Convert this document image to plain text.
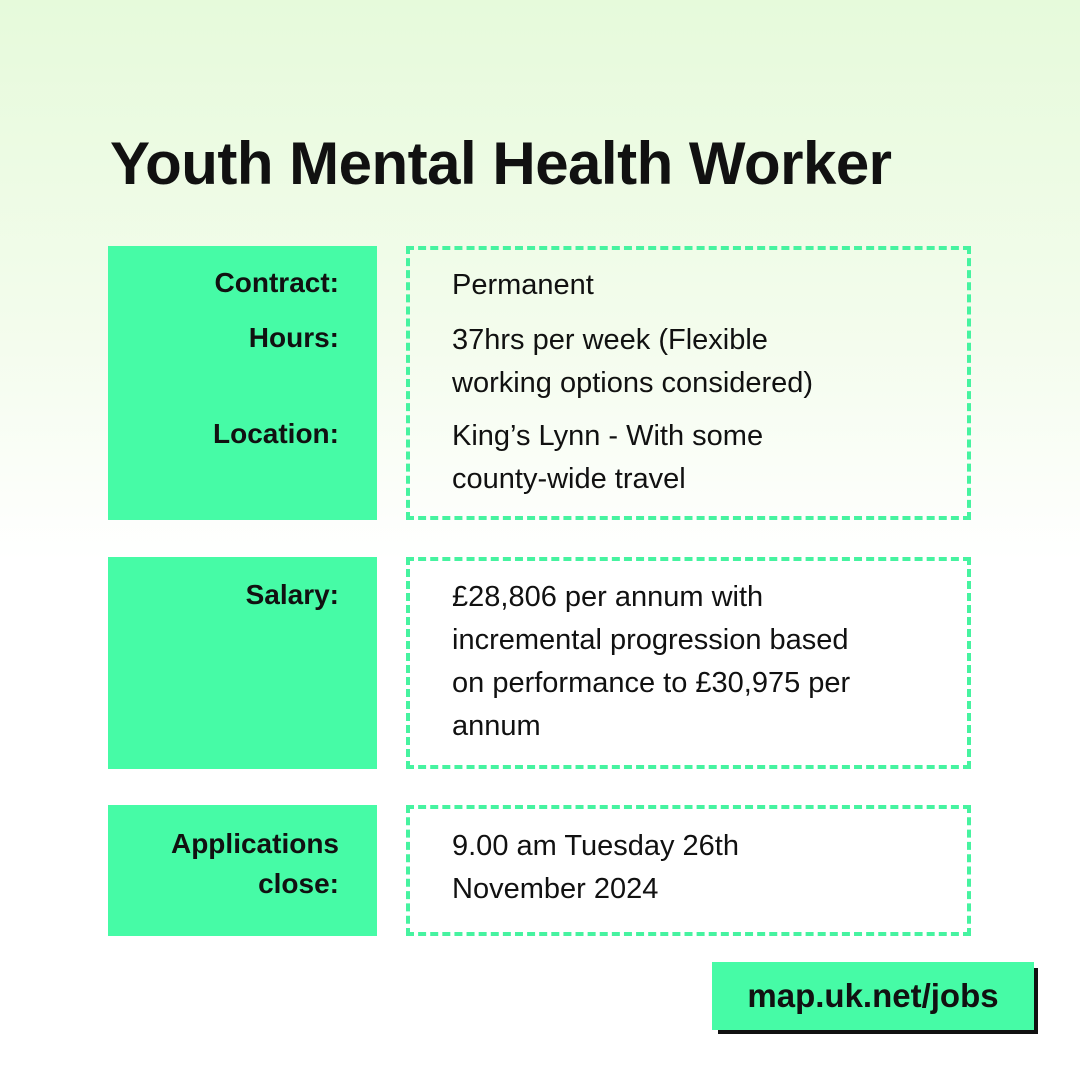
Youth Mental Health Worker
Contract:
Hours:
Location:
Permanent
37hrs per week (Flexible
working options considered)
King’s Lynn - With some
county-wide travel
Salary:	£28,806 per annum with
incremental progression based
on performance to £30,975 per
annum
Applications
close:
9.00 am Tuesday 26th
November 2024
map.uk.net/jobs
